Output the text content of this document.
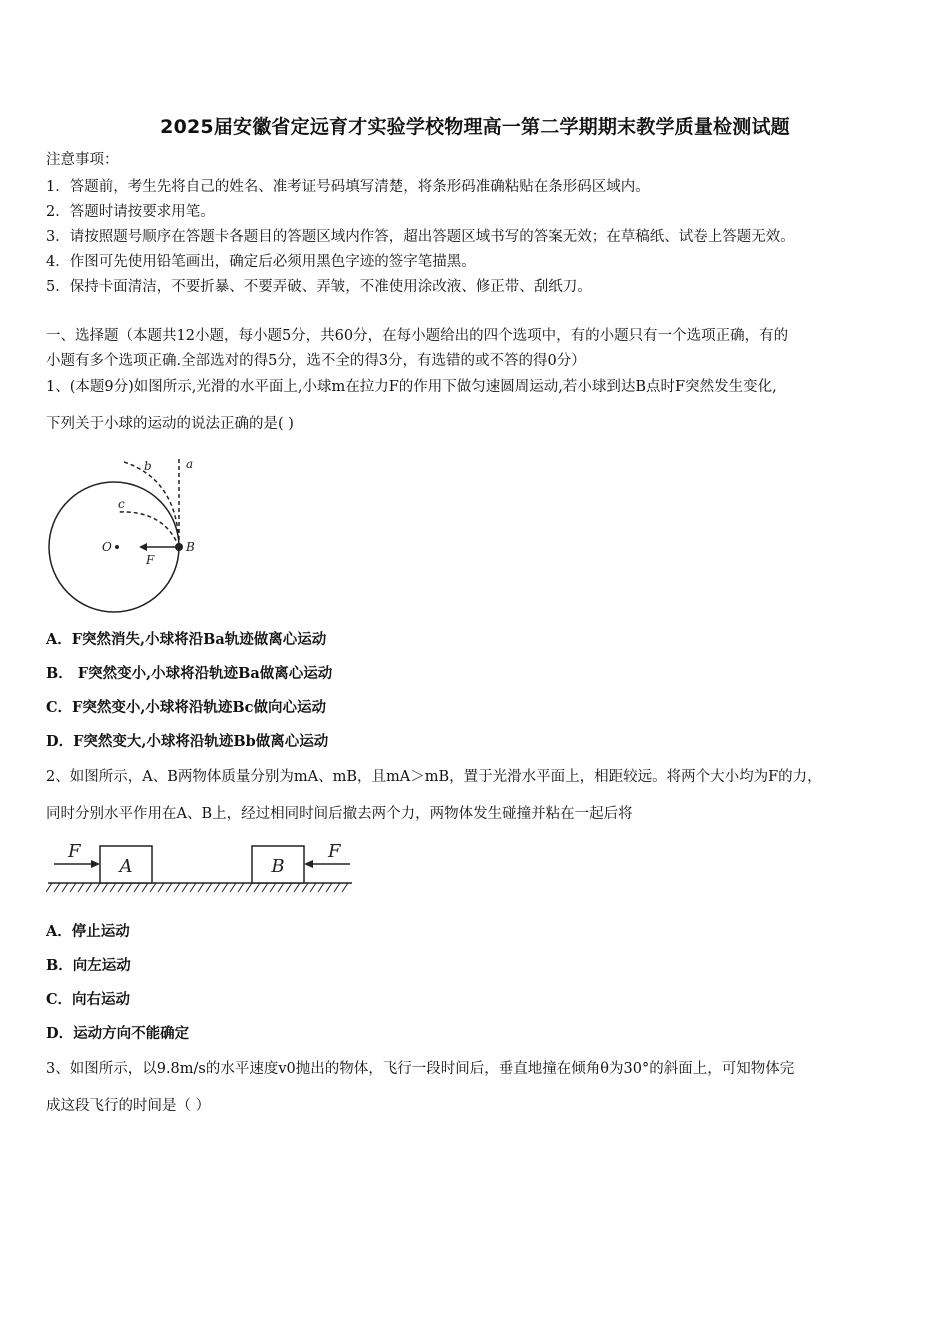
2025届安徽省定远育才实验学校物理高一第二学期期末教学质量检测试题
注意事项：
1．答题前，考生先将自己的姓名、准考证号码填写清楚，将条形码准确粘贴在条形码区域内。
2．答题时请按要求用笔。
3．请按照题号顺序在答题卡各题目的答题区域内作答，超出答题区域书写的答案无效；在草稿纸、试卷上答题无效。
4．作图可先使用铅笔画出，确定后必须用黑色字迹的签字笔描黑。
5．保持卡面清洁，不要折暴、不要弄破、弄皱，不准使用涂改液、修正带、刮纸刀。
一、选择题（本题共12小题，每小题5分，共60分，在每小题给出的四个选项中，有的小题只有一个选项正确，有的
小题有多个选项正确.全部选对的得5分，选不全的得3分，有选错的或不答的得0分）
1、(本题9分)如图所示,光滑的水平面上,小球m在拉力F的作用下做匀速圆周运动,若小球到达B点时F突然发生变化,
下列关于小球的运动的说法正确的是( )
a
b
c
O	B
F
A．F突然消失,小球将沿Ba轨迹做离心运动
B． F突然变小,小球将沿轨迹Ba做离心运动
C．F突然变小,小球将沿轨迹Bc做向心运动
D．F突然变大,小球将沿轨迹Bb做离心运动
2、如图所示，A、B两物体质量分别为mA、mB，且mA＞mB，置于光滑水平面上，相距较远。将两个大小均为F的力，
同时分别水平作用在A、B上，经过相同时间后撤去两个力，两物体发生碰撞并粘在一起后将
A	B
F	F
A．停止运动
B．向左运动
C．向右运动
D．运动方向不能确定
3、如图所示，以9.8m/s的水平速度v0抛出的物体，飞行一段时间后，垂直地撞在倾角θ为30°的斜面上，可知物体完
成这段飞行的时间是（ ）
